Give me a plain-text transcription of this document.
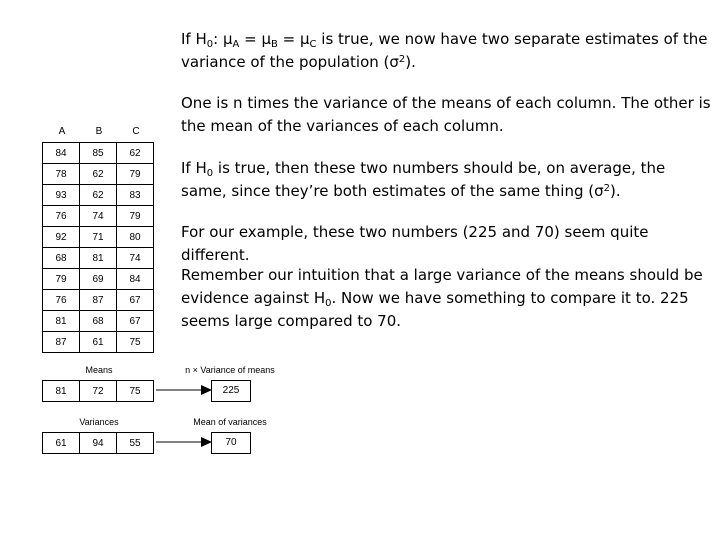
If $H_0$: $\mu_A = \mu_B = \mu_C$ is true, we now have two separate estimates of the variance of the population $(\sigma^2)$.
One is n times the variance of the means of each column. The other is the mean of the variances of each column.
If $H_0$ is true, then these two numbers should be, on average, the same, since they’re both estimates of the same thing $(\sigma^2)$.
For our example, these two numbers (225 and 70) seem quite different.
Remember our intuition that a large variance of the means should be evidence against $H_0$. Now we have something to compare it to. 225 seems large compared to 70.
A	B	C
84	85	62
78	62	79
93	62	83
76	74	79
92	71	80
68	81	74
79	69	84
76	87	67
81	68	67
87	61	75
Means
81	72	75
n × Variance of means
225
Variances
61	94	55
Mean of variances
70
